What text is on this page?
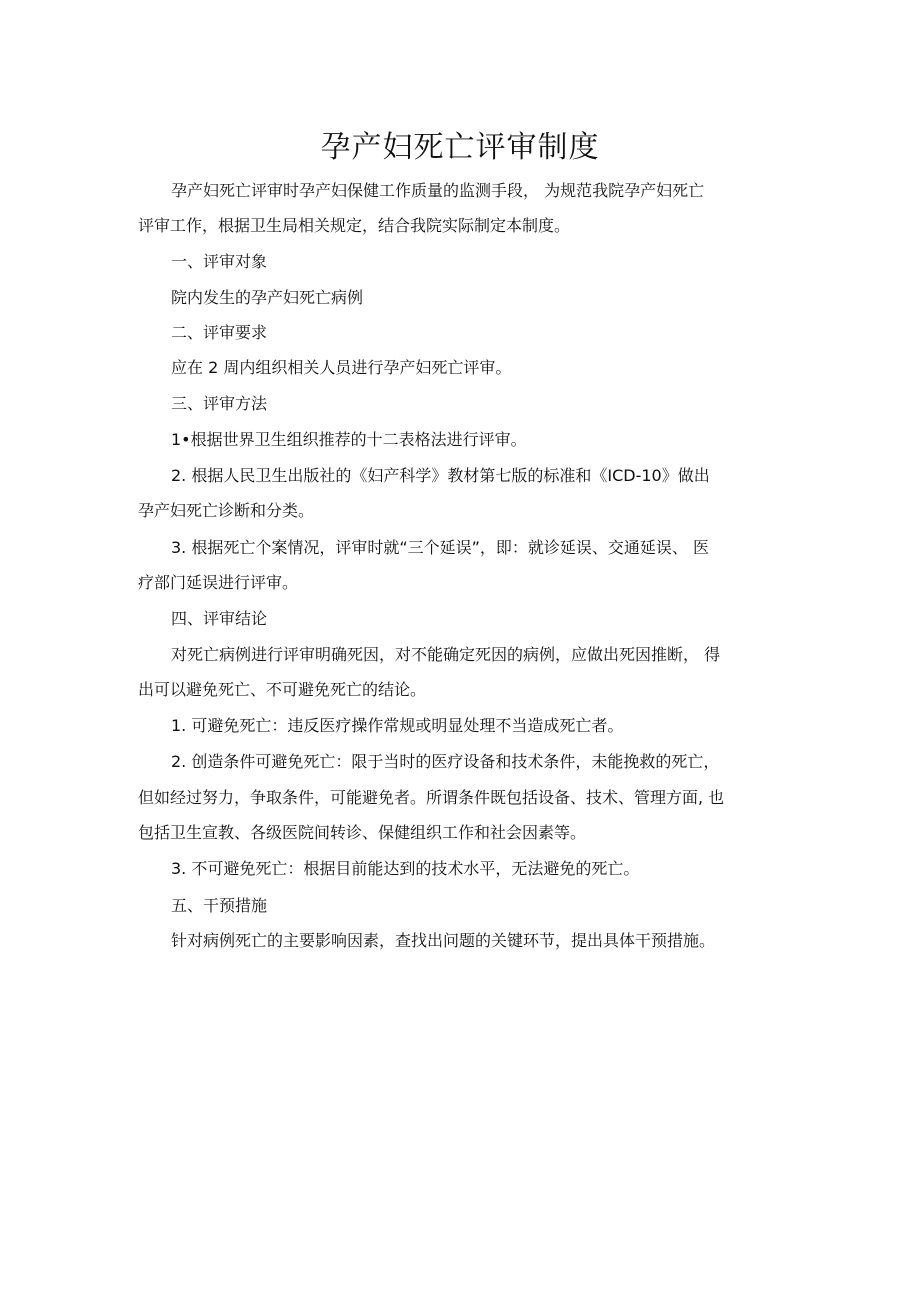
孕产妇死亡评审制度
孕产妇死亡评审时孕产妇保健工作质量的监测手段， 为规范我院孕产妇死亡
评审工作，根据卫生局相关规定，结合我院实际制定本制度。
一、评审对象
院内发生的孕产妇死亡病例
二、评审要求
应在 2 周内组织相关人员进行孕产妇死亡评审。
三、评审方法
1•根据世界卫生组织推荐的十二表格法进行评审。
2. 根据人民卫生出版社的《妇产科学》教材第七版的标准和《ICD-10》做出
孕产妇死亡诊断和分类。
3. 根据死亡个案情况，评审时就“三个延误”，即：就诊延误、交通延误、 医
疗部门延误进行评审。
四、评审结论
对死亡病例进行评审明确死因，对不能确定死因的病例，应做出死因推断， 得
出可以避免死亡、不可避免死亡的结论。
1. 可避免死亡：违反医疗操作常规或明显处理不当造成死亡者。
2. 创造条件可避免死亡：限于当时的医疗设备和技术条件，未能挽救的死亡，
但如经过努力，争取条件，可能避免者。所谓条件既包括设备、技术、管理方面, 也
包括卫生宣教、各级医院间转诊、保健组织工作和社会因素等。
3. 不可避免死亡：根据目前能达到的技术水平，无法避免的死亡。
五、干预措施
针对病例死亡的主要影响因素，查找出问题的关键环节，提出具体干预措施。
